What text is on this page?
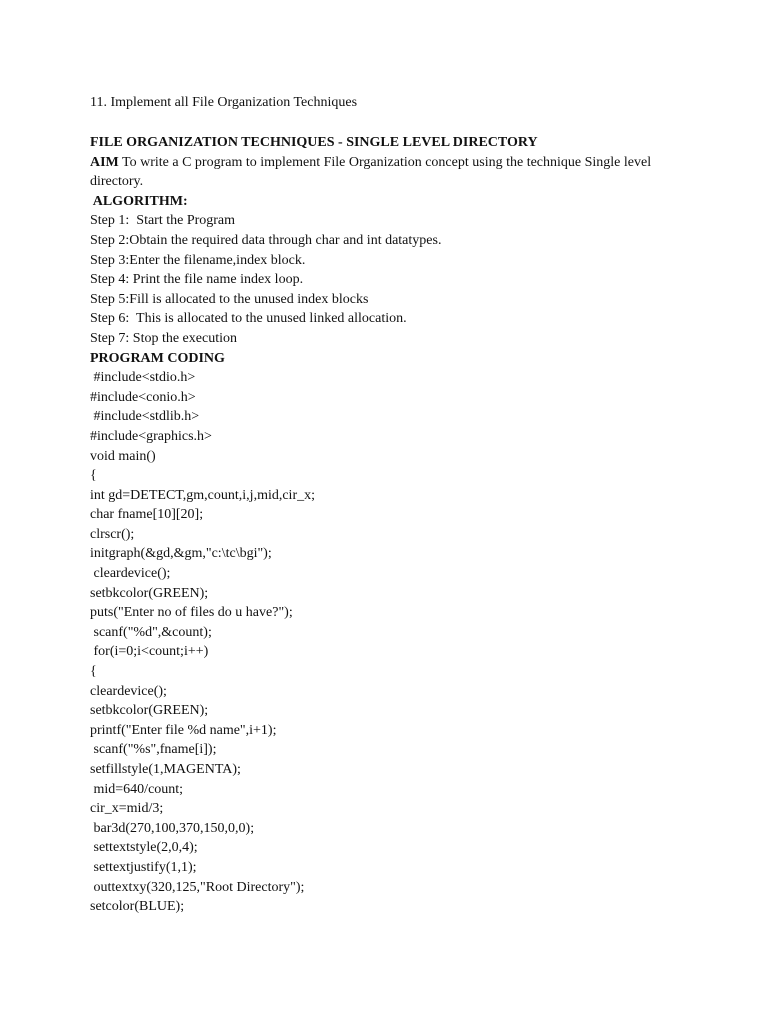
11. Implement all File Organization Techniques
FILE ORGANIZATION TECHNIQUES - SINGLE LEVEL DIRECTORY
AIM To write a C program to implement File Organization concept using the technique Single level directory.
ALGORITHM:
Step 1:  Start the Program
Step 2:Obtain the required data through char and int datatypes.
Step 3:Enter the filename,index block.
Step 4: Print the file name index loop.
Step 5:Fill is allocated to the unused index blocks
Step 6:  This is allocated to the unused linked allocation.
Step 7: Stop the execution
PROGRAM CODING
#include<stdio.h>
#include<conio.h>
#include<stdlib.h>
#include<graphics.h>
void main()
{
int gd=DETECT,gm,count,i,j,mid,cir_x;
char fname[10][20];
clrscr();
initgraph(&gd,&gm,"c:\tc\bgi");
cleardevice();
setbkcolor(GREEN);
puts("Enter no of files do u have?");
scanf("%d",&count);
for(i=0;i<count;i++)
{
cleardevice();
setbkcolor(GREEN);
printf("Enter file %d name",i+1);
scanf("%s",fname[i]);
setfillstyle(1,MAGENTA);
mid=640/count;
cir_x=mid/3;
bar3d(270,100,370,150,0,0);
settextstyle(2,0,4);
settextjustify(1,1);
outtextxy(320,125,"Root Directory");
setcolor(BLUE);
